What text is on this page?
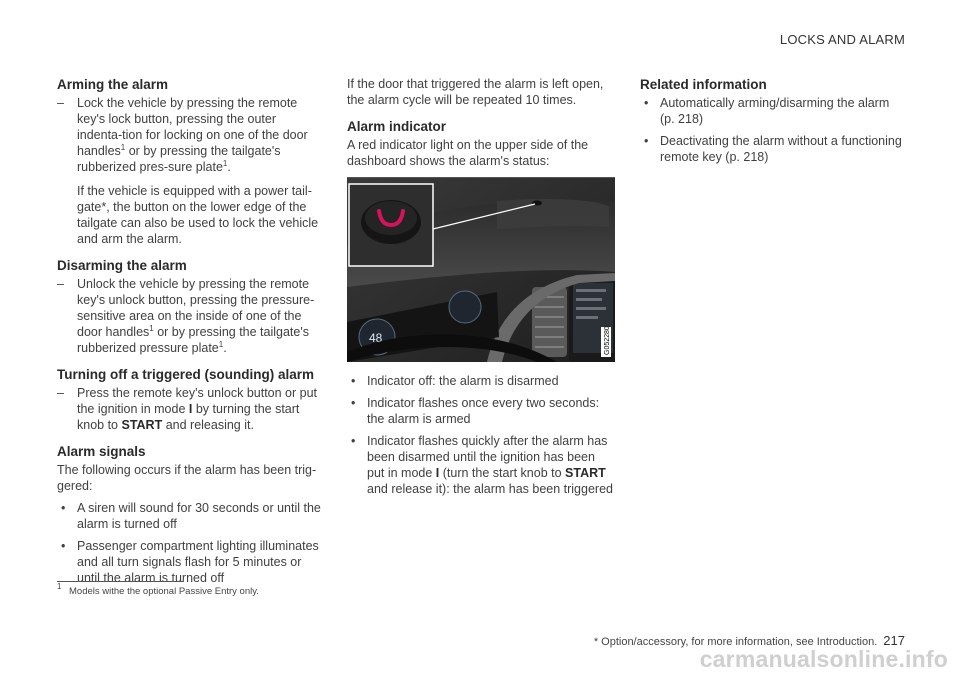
LOCKS AND ALARM
Arming the alarm
– Lock the vehicle by pressing the remote key's lock button, pressing the outer indenta-tion for locking on one of the door handles$^1$ or by pressing the tailgate's rubberized pres-sure plate$^1$.
If the vehicle is equipped with a power tail-gate*, the button on the lower edge of the tailgate can also be used to lock the vehicle and arm the alarm.
Disarming the alarm
– Unlock the vehicle by pressing the remote key's unlock button, pressing the pressure-sensitive area on the inside of one of the door handles$^1$ or by pressing the tailgate's rubberized pressure plate$^1$.
Turning off a triggered (sounding) alarm
– Press the remote key's unlock button or put the ignition in mode I by turning the start knob to START and releasing it.
Alarm signals

The following occurs if the alarm has been trig-gered:

• A siren will sound for 30 seconds or until the alarm is turned off
• Passenger compartment lighting illuminates and all turn signals flash for 5 minutes or until the alarm is turned off

If the door that triggered the alarm is left open, the alarm cycle will be repeated 10 times.

Alarm indicator

A red indicator light on the upper side of the dashboard shows the alarm's status:

48	G052280
• Indicator off: the alarm is disarmed
• Indicator flashes once every two seconds: the alarm is armed
• Indicator flashes quickly after the alarm has been disarmed until the ignition has been put in mode I (turn the start knob to START and release it): the alarm has been triggered
Related information
• Automatically arming/disarming the alarm (p. 218)
• Deactivating the alarm without a functioning remote key (p. 218)
$^1$ Models withe the optional Passive Entry only.
* Option/accessory, for more information, see Introduction. 217
carmanualsonline.info
